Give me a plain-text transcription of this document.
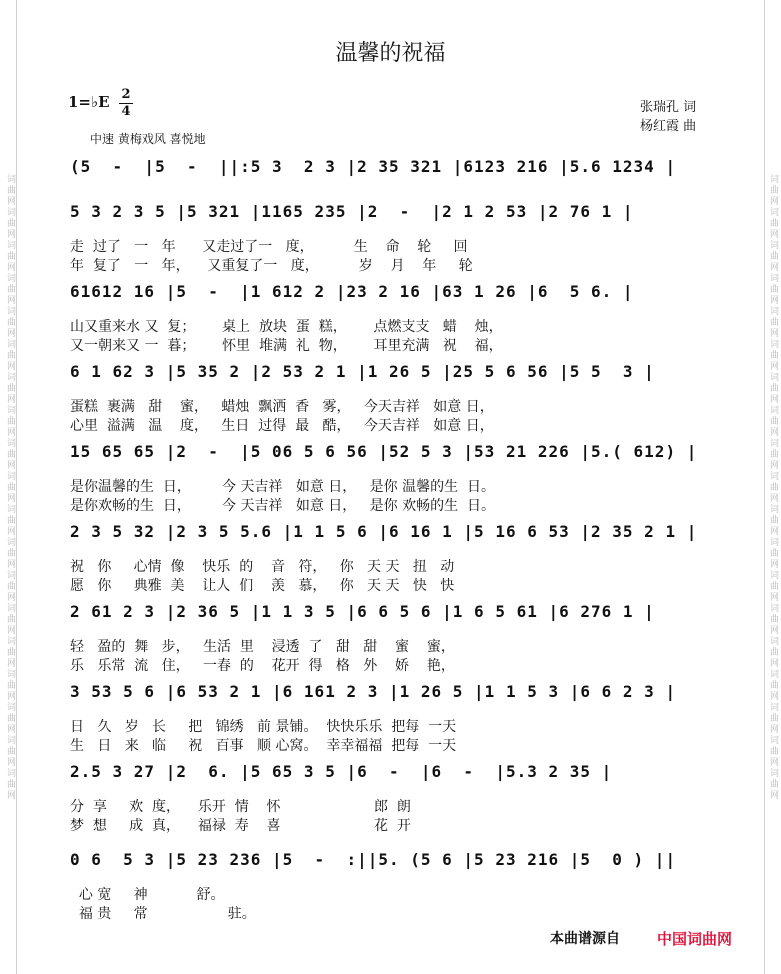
词曲网词曲网词曲网词曲网词曲网词曲网词曲网词曲网词曲网词曲网词曲网词曲网词曲网词曲网词曲网词曲网词曲网词曲网词曲网	词曲网词曲网词曲网词曲网词曲网词曲网词曲网词曲网词曲网词曲网词曲网词曲网词曲网词曲网词曲网词曲网词曲网词曲网词曲网
温馨的祝福
1=♭E 2
4	张瑞孔 词
杨红霞 曲
中速 黄梅戏风 喜悦地
(5  -  |5  -  ||:5 3  2 3 |2 35 321 |6123 216 |5.6 1234 |
5 3 2 3 5 |5 321 |1165 235 |2  -  |2 1 2 53 |2 76 1 |
走  过了   一   年      又走过了一   度，         生    命    轮     回
年  复了   一   年，    又重复了一   度，         岁    月    年     轮
61612 16 |5  -  |1 612 2 |23 2 16 |63 1 26 |6  5 6. |
山又重来水 又  复；      桌上  放块  蛋  糕，      点燃支支   蜡    烛，
又一朝来又 一  暮；      怀里  堆满  礼  物，      耳里充满   祝    福，
6 1 62 3 |5 35 2 |2 53 2 1 |1 26 5 |25 5 6 56 |5 5  3 |
蛋糕  裹满   甜    蜜，   蜡烛  飘洒  香   雾，   今天吉祥   如意 日，
心里  溢满   温    度，   生日  过得  最   酷，   今天吉祥   如意 日，
15 65 65 |2  -  |5 06 5 6 56 |52 5 3 |53 21 226 |5.( 612) |
是你温馨的生  日，       今 天吉祥   如意 日，   是你 温馨的生  日。
是你欢畅的生  日，       今 天吉祥   如意 日，   是你 欢畅的生  日。
2 3 5 32 |2 3 5 5.6 |1 1 5 6 |6 16 1 |5 16 6 53 |2 35 2 1 |
祝   你     心情  像    快乐  的    音   符，   你   天 天   扭   动
愿   你     典雅  美    让人  们    羡   慕，   你   天 天   快   快
2 61 2 3 |2 36 5 |1 1 3 5 |6 6 5 6 |1 6 5 61 |6 276 1 |
轻   盈的  舞   步，   生活  里    浸透  了   甜   甜    蜜    蜜，
乐   乐常  流   住，   一春  的    花开  得   格   外    娇    艳，
3 53 5 6 |6 53 2 1 |6 161 2 3 |1 26 5 |1 1 5 3 |6 6 2 3 |
日   久   岁   长     把   锦绣   前 景铺。  快快乐乐  把每  一天
生   日   来   临     祝   百事   顺 心窝。  幸幸福福  把每  一天
2.5 3 27 |2  6. |5 65 3 5 |6  -  |6  -  |5.3 2 35 |
分  享     欢  度，    乐开  情    怀                     郎  朗
梦  想     成  真，    福禄  寿    喜                     花  开
0 6  5 3 |5 23 236 |5  -  :||5. (5 6 |5 23 216 |5  0 ) ||
心 宽     神           舒。
福 贵     常                  驻。
本曲谱源自 中国词曲网
